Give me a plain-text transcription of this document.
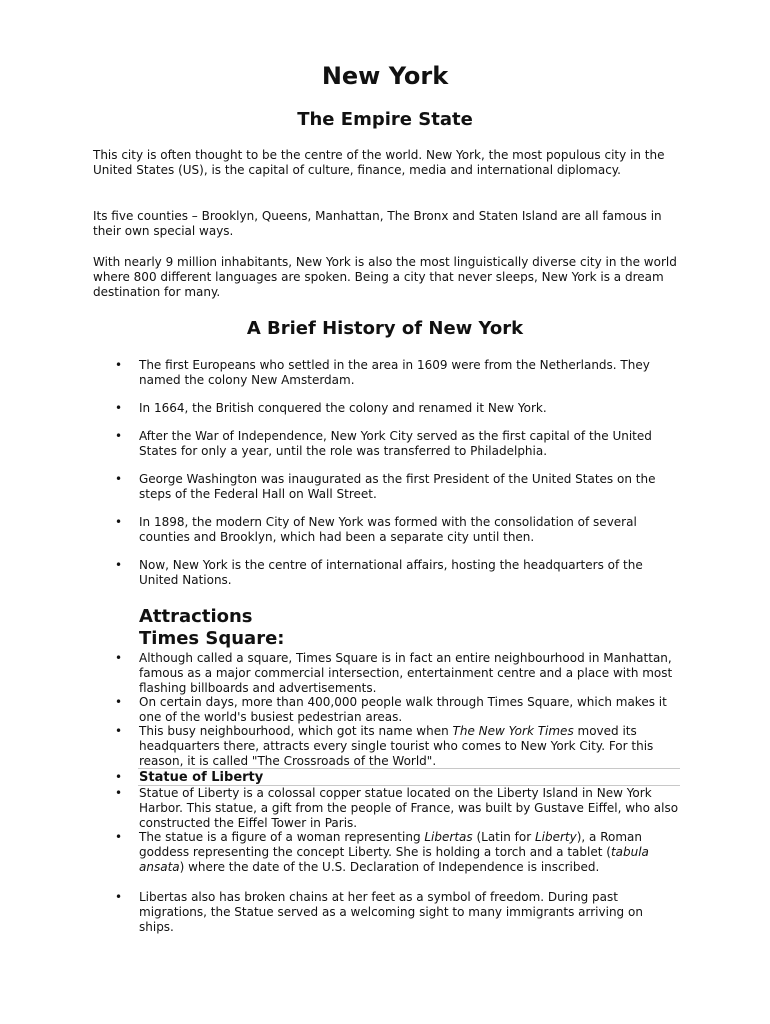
New York
The Empire State

This city is often thought to be the centre of the world. New York, the most populous city in the United States (US), is the capital of culture, finance, media and international diplomacy.

Its five counties – Brooklyn, Queens, Manhattan, The Bronx and Staten Island are all famous in their own special ways.

With nearly 9 million inhabitants, New York is also the most linguistically diverse city in the world where 800 different languages are spoken. Being a city that never sleeps, New York is a dream destination for many.

A Brief History of New York
• The first Europeans who settled in the area in 1609 were from the Netherlands. They named the colony New Amsterdam.
• In 1664, the British conquered the colony and renamed it New York.
• After the War of Independence, New York City served as the first capital of the United States for only a year, until the role was transferred to Philadelphia.
• George Washington was inaugurated as the first President of the United States on the steps of the Federal Hall on Wall Street.
• In 1898, the modern City of New York was formed with the consolidation of several counties and Brooklyn, which had been a separate city until then.
• Now, New York is the centre of international affairs, hosting the headquarters of the United Nations.
Attractions
Times Square:
• Although called a square, Times Square is in fact an entire neighbourhood in Manhattan, famous as a major commercial intersection, entertainment centre and a place with most flashing billboards and advertisements.
• On certain days, more than 400,000 people walk through Times Square, which makes it one of the world's busiest pedestrian areas.
• This busy neighbourhood, which got its name when The New York Times moved its headquarters there, attracts every single tourist who comes to New York City. For this reason, it is called "The Crossroads of the World".
• Statue of Liberty
• Statue of Liberty is a colossal copper statue located on the Liberty Island in New York Harbor. This statue, a gift from the people of France, was built by Gustave Eiffel, who also constructed the Eiffel Tower in Paris.
• The statue is a figure of a woman representing Libertas (Latin for Liberty), a Roman goddess representing the concept Liberty. She is holding a torch and a tablet (tabula ansata) where the date of the U.S. Declaration of Independence is inscribed.
• Libertas also has broken chains at her feet as a symbol of freedom. During past migrations, the Statue served as a welcoming sight to many immigrants arriving on ships.
